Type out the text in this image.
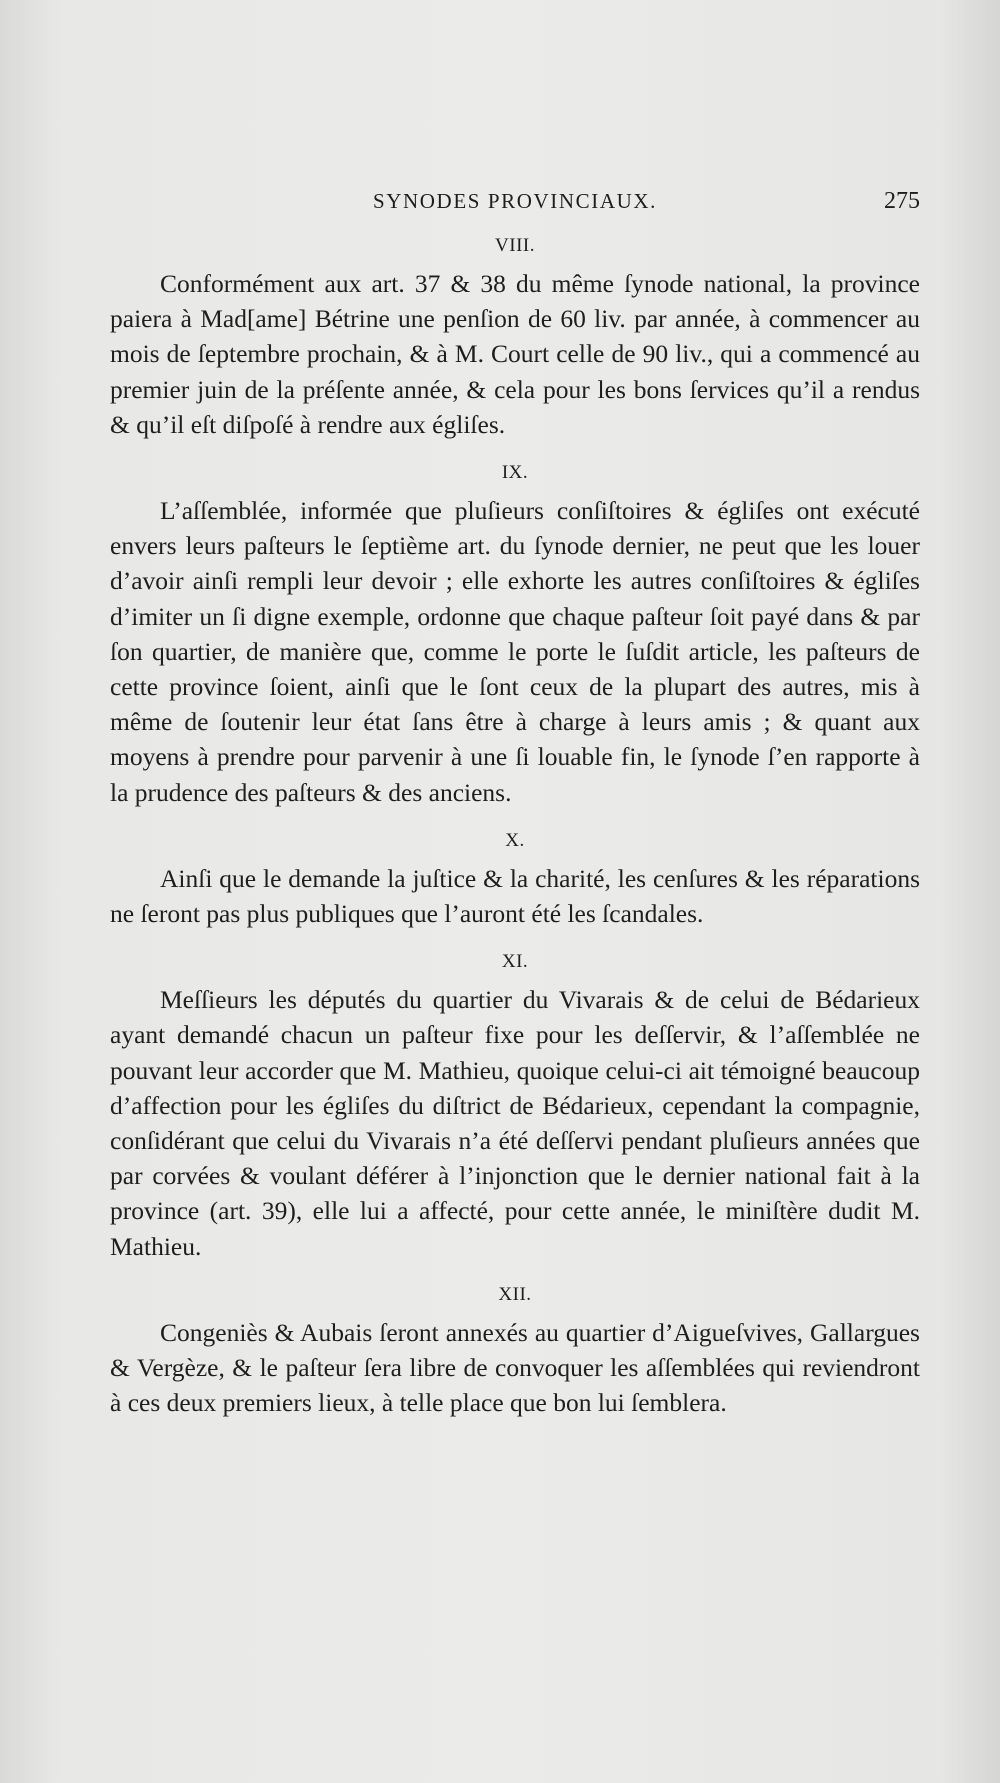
SYNODES PROVINCIAUX.	275
VIII.

Conformément aux art. 37 & 38 du même ſynode national, la province paiera à Mad[ame] Bétrine une penſion de 60 liv. par année, à commencer au mois de ſeptembre prochain, & à M. Court celle de 90 liv., qui a commencé au premier juin de la préſente année, & cela pour les bons ſervices qu’il a rendus & qu’il eſt diſpoſé à rendre aux égliſes.

IX.

L’aſſemblée, informée que pluſieurs conſiſtoires & égliſes ont exécuté envers leurs paſteurs le ſeptième art. du ſynode dernier, ne peut que les louer d’avoir ainſi rempli leur devoir ; elle exhorte les autres conſiſtoires & égliſes d’imiter un ſi digne exemple, ordonne que chaque paſteur ſoit payé dans & par ſon quartier, de manière que, comme le porte le ſuſdit article, les paſteurs de cette province ſoient, ainſi que le ſont ceux de la plupart des autres, mis à même de ſoutenir leur état ſans être à charge à leurs amis ; & quant aux moyens à prendre pour parvenir à une ſi louable fin, le ſynode ſ’en rapporte à la prudence des paſteurs & des anciens.

X.

Ainſi que le demande la juſtice & la charité, les cenſures & les réparations ne ſeront pas plus publiques que l’auront été les ſcandales.

XI.

Meſſieurs les députés du quartier du Vivarais & de celui de Bédarieux ayant demandé chacun un paſteur fixe pour les deſſervir, & l’aſſemblée ne pouvant leur accorder que M. Mathieu, quoique celui-ci ait témoigné beaucoup d’affection pour les égliſes du diſtrict de Bédarieux, cependant la compagnie, conſidérant que celui du Vivarais n’a été deſſervi pendant pluſieurs années que par corvées & voulant déférer à l’injonction que le dernier national fait à la province (art. 39), elle lui a affecté, pour cette année, le miniſtère dudit M. Mathieu.

XII.

Congeniès & Aubais ſeront annexés au quartier d’Aigueſvives, Gallargues & Vergèze, & le paſteur ſera libre de convoquer les aſſemblées qui reviendront à ces deux premiers lieux, à telle place que bon lui ſemblera.
